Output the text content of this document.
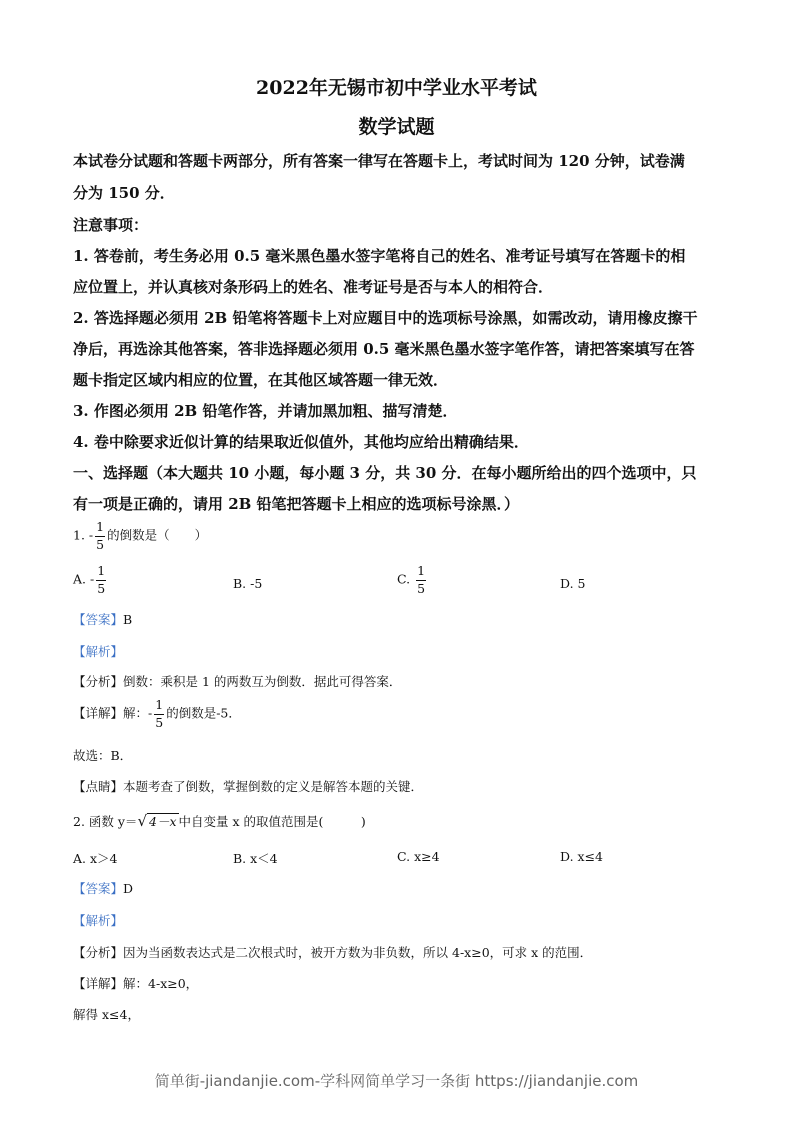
2022年无锡市初中学业水平考试
数学试题
本试卷分试题和答题卡两部分，所有答案一律写在答题卡上，考试时间为 120 分钟，试卷满
分为 150 分．
注意事项：
1. 答卷前，考生务必用 0.5 毫米黑色墨水签字笔将自己的姓名、准考证号填写在答题卡的相
应位置上，并认真核对条形码上的姓名、准考证号是否与本人的相符合．
2. 答选择题必须用 2B 铅笔将答题卡上对应题目中的选项标号涂黑，如需改动，请用橡皮擦干
净后，再选涂其他答案，答非选择题必须用 0.5 毫米黑色墨水签字笔作答，请把答案填写在答
题卡指定区域内相应的位置，在其他区域答题一律无效．
3. 作图必须用 2B 铅笔作答，并请加黑加粗、描写清楚．
4. 卷中除要求近似计算的结果取近似值外，其他均应给出精确结果．
一、选择题（本大题共 10 小题，每小题 3 分，共 30 分．在每小题所给出的四个选项中，只
有一项是正确的，请用 2B 铅笔把答题卡上相应的选项标号涂黑．）
1. - $\frac{1}{5}$ 的倒数是（　　）
A. - $\frac{1}{5}$	B. -5	C. $\frac{1}{5}$	D. 5
【答案】B
【解析】
【分析】倒数：乘积是 1 的两数互为倒数．据此可得答案．
【详解】解：- $\frac{1}{5}$ 的倒数是-5．
故选：B．
【点睛】本题考查了倒数，掌握倒数的定义是解答本题的关键．
2. 函数 y＝√ 4－x 中自变量 x 的取值范围是(　　　)
A. x＞4	B. x＜4	C. x≥4	D. x≤4
【答案】D
【解析】
【分析】因为当函数表达式是二次根式时，被开方数为非负数，所以 4-x≥0，可求 x 的范围．
【详解】解：4-x≥0，
解得 x≤4，
简单街-jiandanjie.com-学科网简单学习一条街 https://jiandanjie.com
